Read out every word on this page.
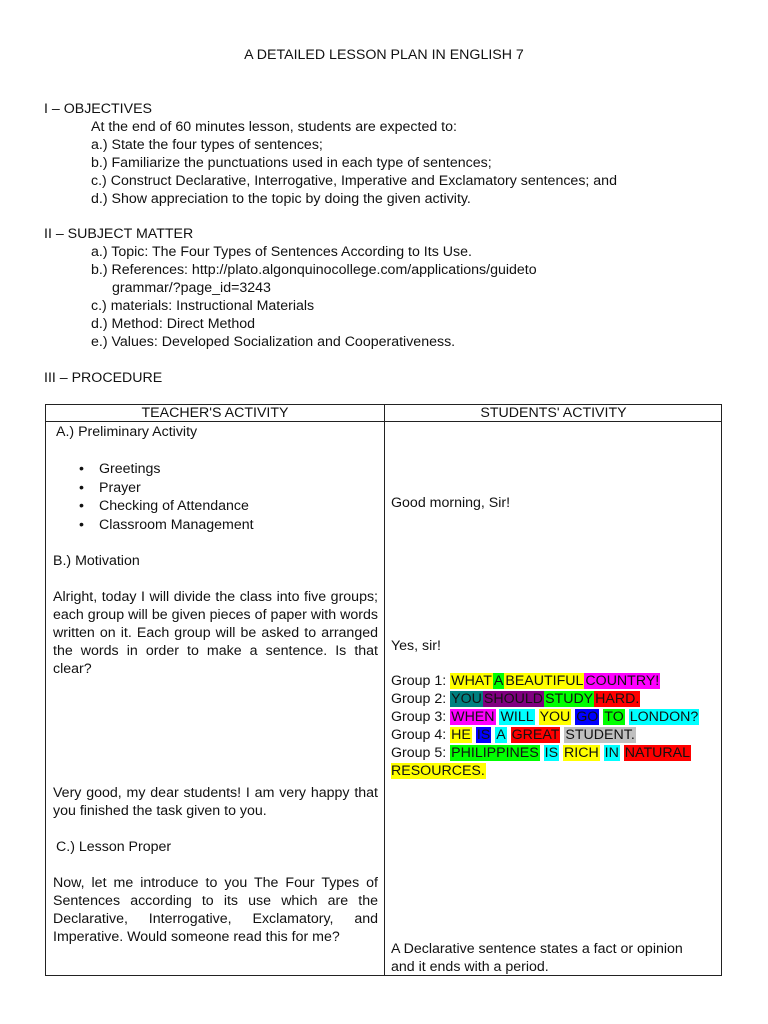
A DETAILED LESSON PLAN IN ENGLISH 7
I – OBJECTIVES
At the end of 60 minutes lesson, students are expected to:
a.) State the four types of sentences;
b.) Familiarize the punctuations used in each type of sentences;
c.) Construct Declarative, Interrogative, Imperative and Exclamatory sentences; and
d.) Show appreciation to the topic by doing the given activity.
II – SUBJECT MATTER
a.) Topic: The Four Types of Sentences According to Its Use.
b.) References: http://plato.algonquinocollege.com/applications/guideto
grammar/?page_id=3243
c.) materials: Instructional Materials
d.) Method: Direct Method
e.) Values: Developed Socialization and Cooperativeness.
III – PROCEDURE
TEACHER'S ACTIVITY	STUDENTS' ACTIVITY
A.) Preliminary Activity
• Greetings
• Prayer
• Checking of Attendance
• Classroom Management
B.) Motivation
Alright, today I will divide the class into five groups; each group will be given pieces of paper with words written on it. Each group will be asked to arranged the words in order to make a sentence. Is that clear?
Very good, my dear students! I am very happy that you finished the task given to you.
C.) Lesson Proper
Now, let me introduce to you The Four Types of Sentences according to its use which are the Declarative, Interrogative, Exclamatory, and Imperative. Would someone read this for me?
Good morning, Sir!
Yes, sir!
Group 1: WHAT A BEAUTIFUL COUNTRY!
Group 2: YOU SHOULD STUDY HARD.
Group 3: WHEN WILL YOU GO TO LONDON?
Group 4: HE IS A GREAT STUDENT.
Group 5: PHILIPPINES IS RICH IN NATURAL
RESOURCES.
A Declarative sentence states a fact or opinion
and it ends with a period.
